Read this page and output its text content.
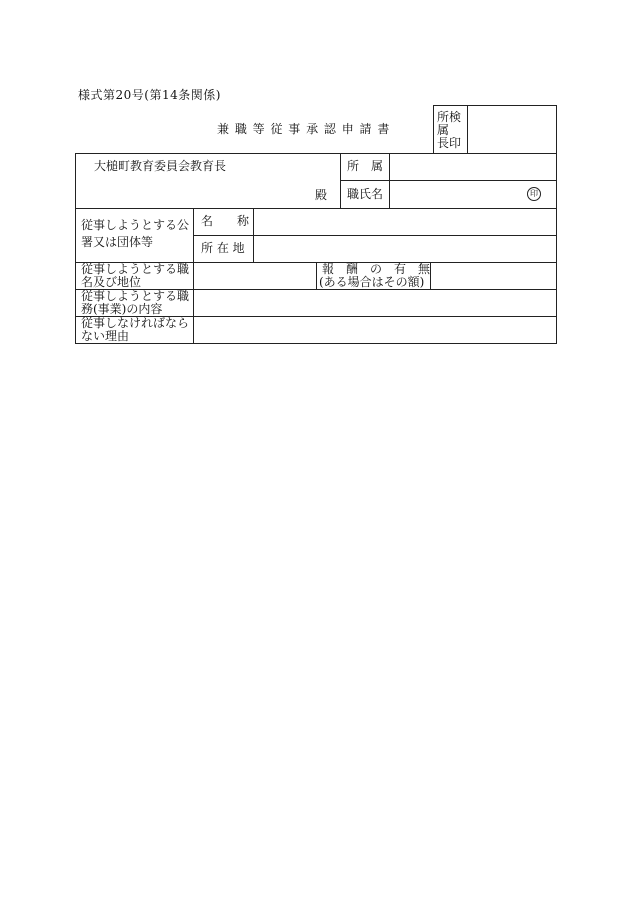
様式第20号(第14条関係)
兼 職 等 従 事 承 認 申 請 書
所検
属
長印
大槌町教育委員会教育長
殿
所　属
職氏名	印
従事しようとする公
署又は団体等
名　　称
所 在 地
従事しようとする職
名及び地位
報　酬　の　有　無
(ある場合はその額)
従事しようとする職
務(事業)の内容
従事しなければなら
ない理由
